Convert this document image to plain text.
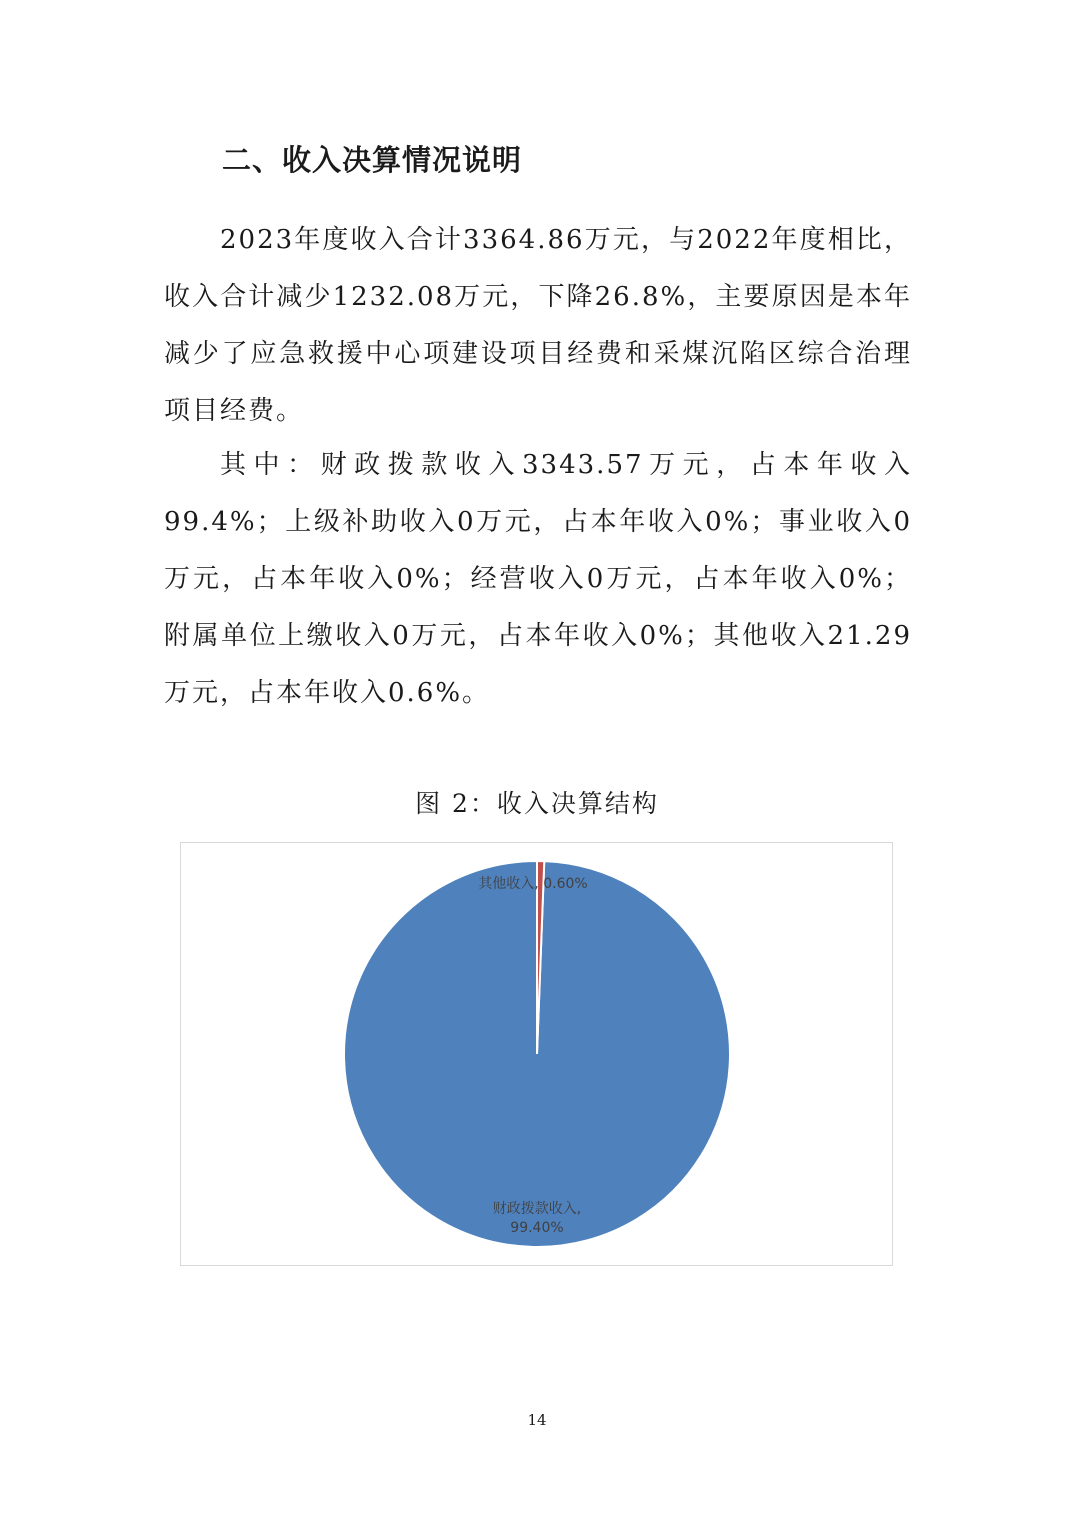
二、收入决算情况说明

2023年度收入合计3364.86万元，与2022年度相比，收入合计减少1232.08万元，下降26.8%，主要原因是本年减少了应急救援中心项建设项目经费和采煤沉陷区综合治理项目经费。

其中：财政拨款收入3343.57万元，占本年收入99.4%；上级补助收入0万元，占本年收入0%；事业收入0万元，占本年收入0%；经营收入0万元，占本年收入0%；附属单位上缴收入0万元，占本年收入0%；其他收入21.29万元，占本年收入0.6%。

图 2：收入决算结构

财政拨款收入,
99.40%
其他收入, 0.60%

14
